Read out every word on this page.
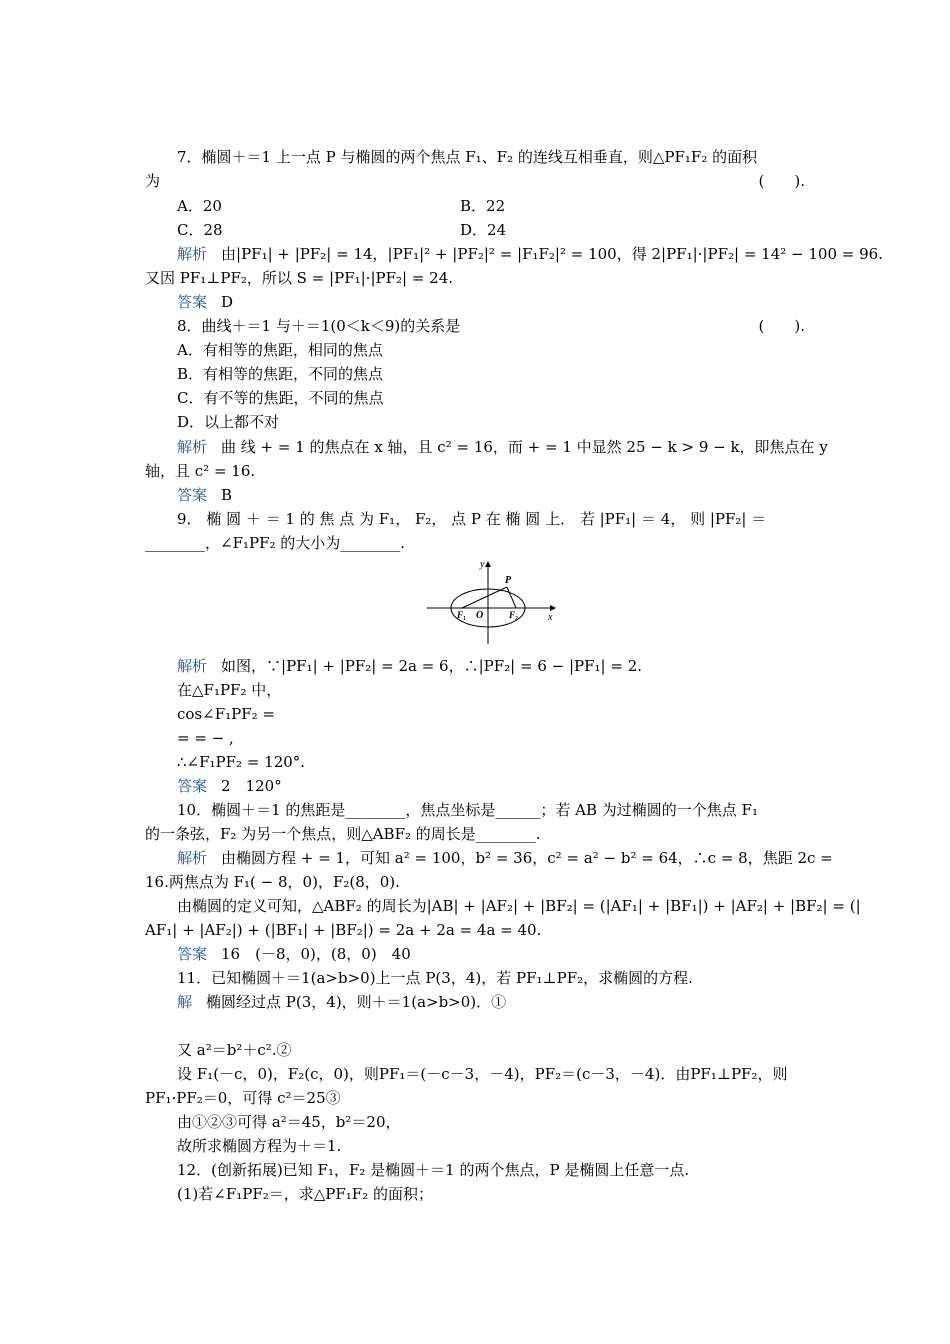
7．椭圆＋＝1 上一点 P 与椭圆的两个焦点 F₁、F₂ 的连线互相垂直，则△PF₁F₂ 的面积
为	(　　).
A．20	B．22
C．28	D．24
解析 由|PF₁| + |PF₂| = 14，|PF₁|² + |PF₂|² = |F₁F₂|² = 100，得 2|PF₁|·|PF₂| = 14² − 100 = 96.
又因 PF₁⊥PF₂，所以 S = |PF₁|·|PF₂| = 24.
答案 D
8．曲线＋＝1 与＋＝1(0＜k＜9)的关系是	(　　).
A．有相等的焦距，相同的焦点
B．有相等的焦距，不同的焦点
C．有不等的焦距，不同的焦点
D．以上都不对
解析 曲 线 + = 1 的焦点在 x 轴，且 c² = 16，而 + = 1 中显然 25 − k > 9 − k，即焦点在 y
轴，且 c² = 16.
答案 B
9． 椭 圆 ＋ ＝ 1 的 焦 点 为 F₁， F₂， 点 P 在 椭 圆 上． 若 |PF₁| ＝ 4， 则 |PF₂| ＝
________，∠F₁PF₂ 的大小为________.
y
x
P
O
F₁	F₂
解析 如图，∵|PF₁| + |PF₂| = 2a = 6，∴|PF₂| = 6 − |PF₁| = 2.
在△F₁PF₂ 中，
cos∠F₁PF₂ =
= = − ,
∴∠F₁PF₂ = 120°.
答案 2　120°
10．椭圆＋＝1 的焦距是________，焦点坐标是______；若 AB 为过椭圆的一个焦点 F₁
的一条弦，F₂ 为另一个焦点，则△ABF₂ 的周长是________.
解析 由椭圆方程 + = 1，可知 a² = 100，b² = 36，c² = a² − b² = 64，∴c = 8，焦距 2c =
16.两焦点为 F₁( − 8，0)，F₂(8，0).
由椭圆的定义可知，△ABF₂ 的周长为|AB| + |AF₂| + |BF₂| = (|AF₁| + |BF₁|) + |AF₂| + |BF₂| = (|
AF₁| + |AF₂|) + (|BF₁| + |BF₂|) = 2a + 2a = 4a = 40.
答案 16　(－8，0)，(8，0)　40
11．已知椭圆＋＝1(a>b>0)上一点 P(3，4)，若 PF₁⊥PF₂，求椭圆的方程.
解 椭圆经过点 P(3，4)，则＋＝1(a>b>0)．①
又 a²＝b²＋c².②
设 F₁(－c，0)，F₂(c，0)，则PF₁＝(－c－3，－4)，PF₂＝(c－3，－4)．由PF₁⊥PF₂，则
PF₁·PF₂＝0，可得 c²＝25③
由①②③可得 a²＝45，b²＝20，
故所求椭圆方程为＋＝1.
12．(创新拓展)已知 F₁，F₂ 是椭圆＋＝1 的两个焦点，P 是椭圆上任意一点.
(1)若∠F₁PF₂＝，求△PF₁F₂ 的面积；
